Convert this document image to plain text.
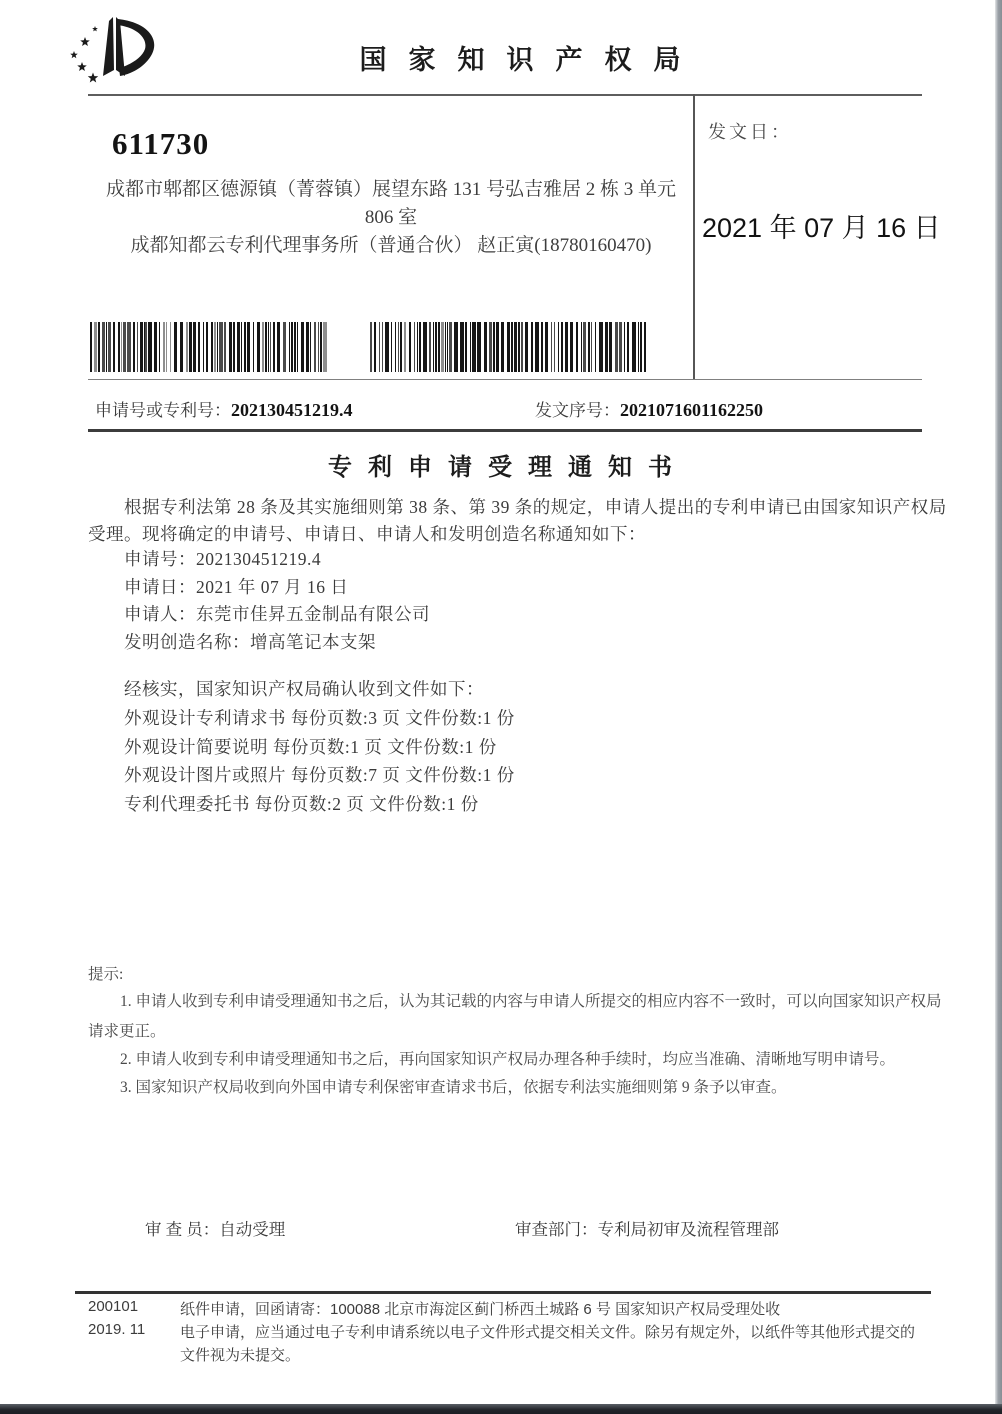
国家知识产权局
611730
成都市郫都区德源镇（菁蓉镇）展望东路 131 号弘吉雅居 2 栋 3 单元
806 室
成都知都云专利代理事务所（普通合伙） 赵正寅(18780160470)
发文日：
2021 年 07 月 16 日
申请号或专利号：202130451219.4	发文序号：2021071601162250
专利申请受理通知书
根据专利法第 28 条及其实施细则第 38 条、第 39 条的规定，申请人提出的专利申请已由国家知识产权局
受理。现将确定的申请号、申请日、申请人和发明创造名称通知如下：
申请号：202130451219.4
申请日：2021 年 07 月 16 日
申请人：东莞市佳昇五金制品有限公司
发明创造名称：增高笔记本支架
经核实，国家知识产权局确认收到文件如下：
外观设计专利请求书 每份页数:3 页 文件份数:1 份
外观设计简要说明 每份页数:1 页 文件份数:1 份
外观设计图片或照片 每份页数:7 页 文件份数:1 份
专利代理委托书 每份页数:2 页 文件份数:1 份
提示:
1. 申请人收到专利申请受理通知书之后，认为其记载的内容与申请人所提交的相应内容不一致时，可以向国家知识产权局
请求更正。
2. 申请人收到专利申请受理通知书之后，再向国家知识产权局办理各种手续时，均应当准确、清晰地写明申请号。
3. 国家知识产权局收到向外国申请专利保密审查请求书后，依据专利法实施细则第 9 条予以审查。
审 查 员：自动受理	审查部门：专利局初审及流程管理部
200101
2019. 11
纸件申请，回函请寄：100088 北京市海淀区蓟门桥西土城路 6 号 国家知识产权局受理处收
电子申请，应当通过电子专利申请系统以电子文件形式提交相关文件。除另有规定外，以纸件等其他形式提交的
文件视为未提交。
